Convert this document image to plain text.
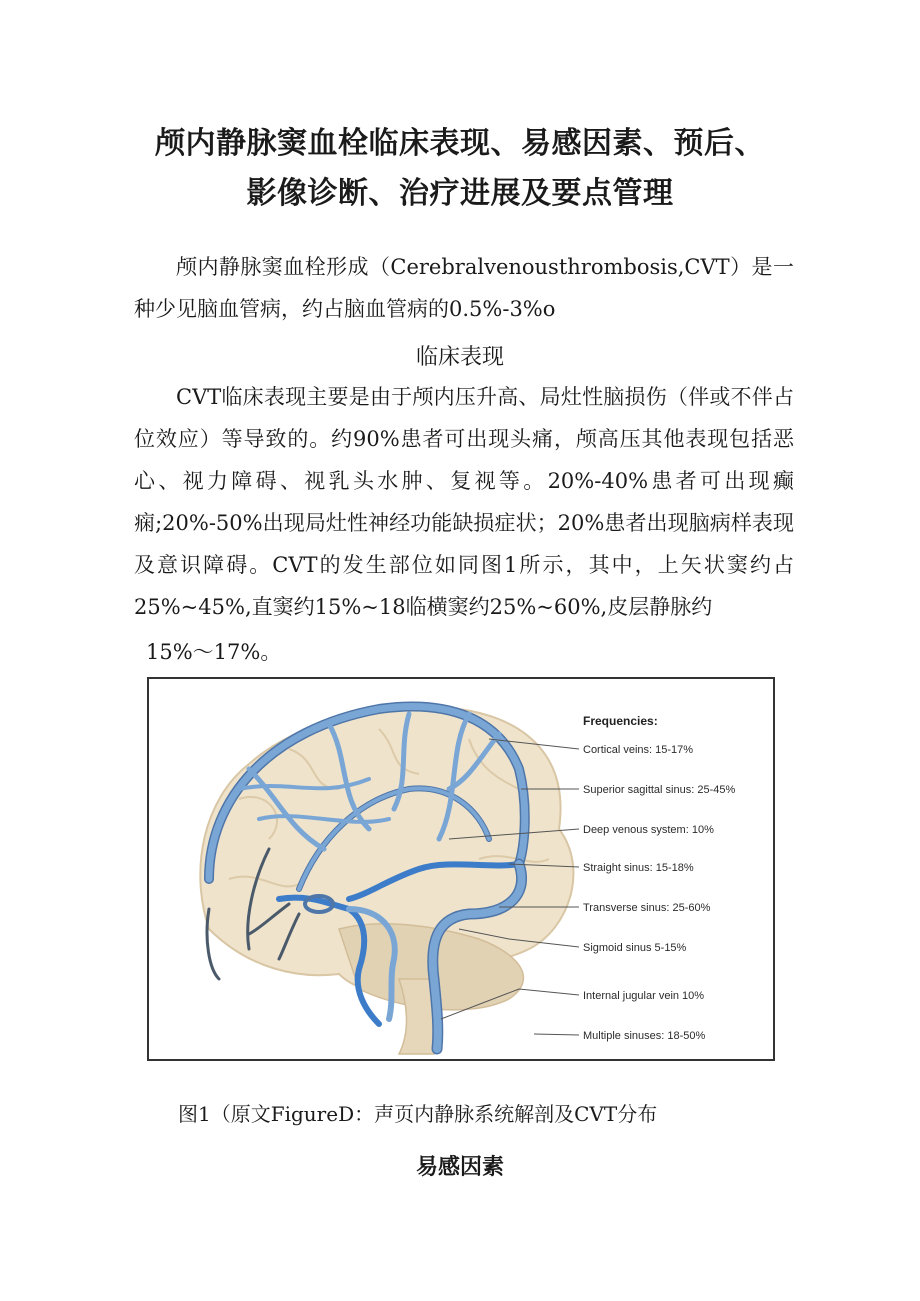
颅内静脉窦血栓临床表现、易感因素、预后、
影像诊断、治疗进展及要点管理
颅内静脉窦血栓形成（Cerebralvenousthrombosis,CVT）是一种少见脑血管病，约占脑血管病的0.5%-3%o
临床表现
CVT临床表现主要是由于颅内压升高、局灶性脑损伤（伴或不伴占位效应）等导致的。约90%患者可出现头痛，颅高压其他表现包括恶心、视力障碍、视乳头水肿、复视等。20%-40%患者可出现癫痫;20%-50%出现局灶性神经功能缺损症状；20%患者出现脑病样表现及意识障碍。CVT的发生部位如同图1所示，其中，上矢状窦约占25%~45%,直窦约15%~18临横窦约25%~60%,皮层静脉约
15%～17%。
Frequencies:
Cortical veins: 15-17%
Superior sagittal sinus: 25-45%
Deep venous system: 10%
Straight sinus: 15-18%
Transverse sinus: 25-60%
Sigmoid sinus 5-15%
Internal jugular vein 10%
Multiple sinuses: 18-50%
图1（原文FigureD：声页内静脉系统解剖及CVT分布
易感因素
